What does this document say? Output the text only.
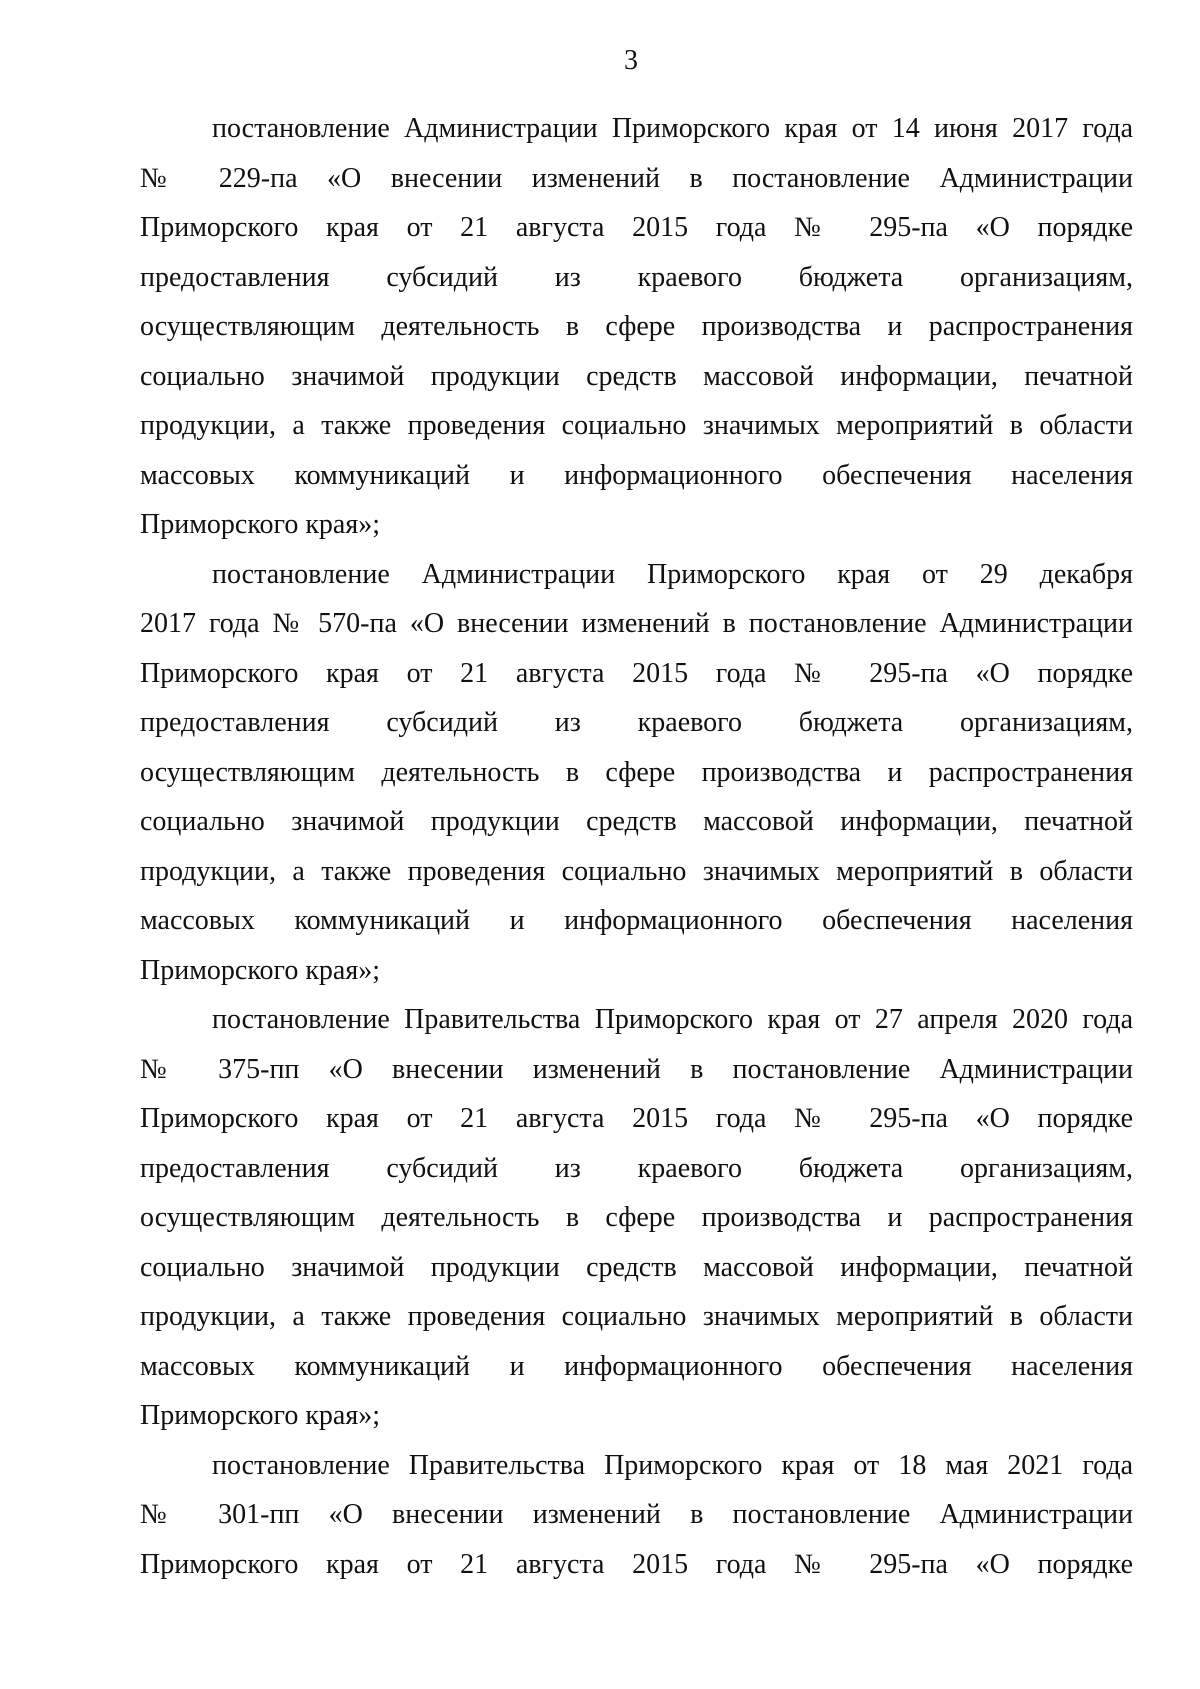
3
постановление Администрации Приморского края от 14 июня 2017 года
№ 229-па «О внесении изменений в постановление Администрации
Приморского края от 21 августа 2015 года № 295-па «О порядке
предоставления субсидий из краевого бюджета организациям,
осуществляющим деятельность в сфере производства и распространения
социально значимой продукции средств массовой информации, печатной
продукции, а также проведения социально значимых мероприятий в области
массовых коммуникаций и информационного обеспечения населения
Приморского края»;
постановление Администрации Приморского края от 29 декабря
2017 года № 570-па «О внесении изменений в постановление Администрации
Приморского края от 21 августа 2015 года № 295-па «О порядке
предоставления субсидий из краевого бюджета организациям,
осуществляющим деятельность в сфере производства и распространения
социально значимой продукции средств массовой информации, печатной
продукции, а также проведения социально значимых мероприятий в области
массовых коммуникаций и информационного обеспечения населения
Приморского края»;
постановление Правительства Приморского края от 27 апреля 2020 года
№ 375-пп «О внесении изменений в постановление Администрации
Приморского края от 21 августа 2015 года № 295-па «О порядке
предоставления субсидий из краевого бюджета организациям,
осуществляющим деятельность в сфере производства и распространения
социально значимой продукции средств массовой информации, печатной
продукции, а также проведения социально значимых мероприятий в области
массовых коммуникаций и информационного обеспечения населения
Приморского края»;
постановление Правительства Приморского края от 18 мая 2021 года
№ 301-пп «О внесении изменений в постановление Администрации
Приморского края от 21 августа 2015 года № 295-па «О порядке
